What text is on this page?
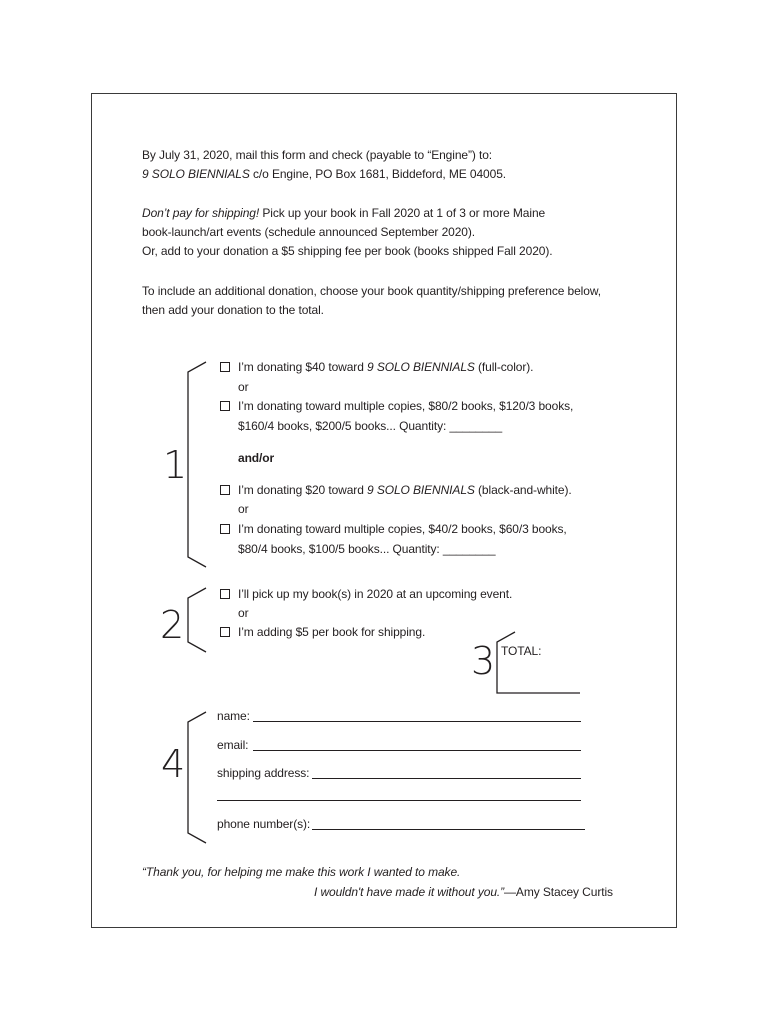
By July 31, 2020, mail this form and check (payable to “Engine”) to:
9 SOLO BIENNIALS c/o Engine, PO Box 1681, Biddeford, ME 04005.
Don’t pay for shipping! Pick up your book in Fall 2020 at 1 of 3 or more Maine
book-launch/art events (schedule announced September 2020).
Or, add to your donation a $5 shipping fee per book (books shipped Fall 2020).
To include an additional donation, choose your book quantity/shipping preference below,
then add your donation to the total.
1
I’m donating $40 toward 9 SOLO BIENNIALS (full-color).
or
I’m donating toward multiple copies, $80/2 books, $120/3 books,
$160/4 books, $200/5 books... Quantity: ________
and/or
I’m donating $20 toward 9 SOLO BIENNIALS (black-and-white).
or
I’m donating toward multiple copies, $40/2 books, $60/3 books,
$80/4 books, $100/5 books... Quantity: ________
2
I’ll pick up my book(s) in 2020 at an upcoming event.
or
I’m adding $5 per book for shipping.
3 TOTAL:
4
name:
email:
shipping address:
phone number(s):
“Thank you, for helping me make this work I wanted to make.
I wouldn't have made it without you.”—Amy Stacey Curtis
